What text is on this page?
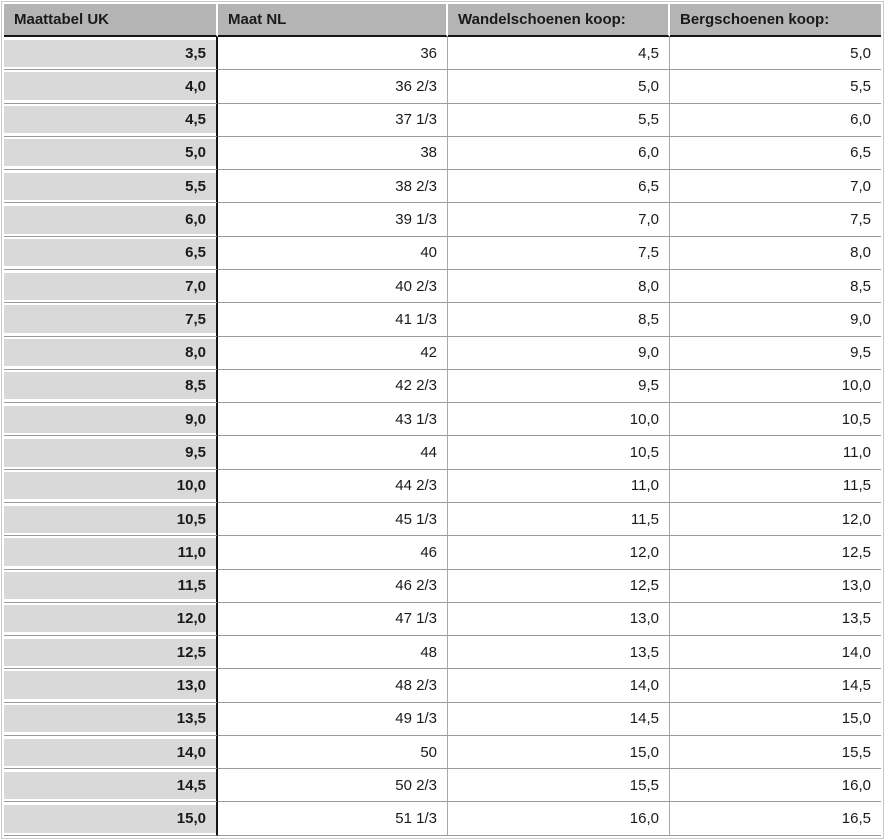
Maattabel UK	Maat NL	Wandelschoenen koop:	Bergschoenen koop:
3,5	36	4,5	5,0
4,0	36 2/3	5,0	5,5
4,5	37 1/3	5,5	6,0
5,0	38	6,0	6,5
5,5	38 2/3	6,5	7,0
6,0	39 1/3	7,0	7,5
6,5	40	7,5	8,0
7,0	40 2/3	8,0	8,5
7,5	41 1/3	8,5	9,0
8,0	42	9,0	9,5
8,5	42 2/3	9,5	10,0
9,0	43 1/3	10,0	10,5
9,5	44	10,5	11,0
10,0	44 2/3	11,0	11,5
10,5	45 1/3	11,5	12,0
11,0	46	12,0	12,5
11,5	46 2/3	12,5	13,0
12,0	47 1/3	13,0	13,5
12,5	48	13,5	14,0
13,0	48 2/3	14,0	14,5
13,5	49 1/3	14,5	15,0
14,0	50	15,0	15,5
14,5	50 2/3	15,5	16,0
15,0	51 1/3	16,0	16,5
